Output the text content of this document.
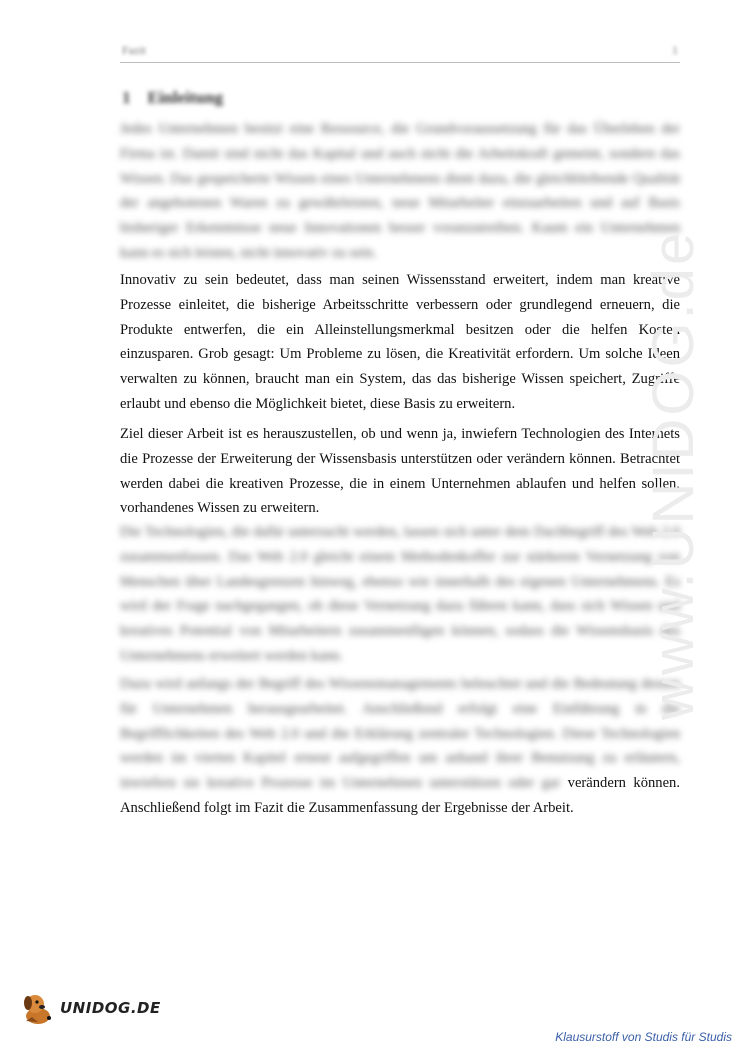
Fazit	1
1 Einleitung

Jedes Unternehmen besitzt eine Ressource, die Grundvoraussetzung für das Überleben der Firma ist. Damit sind nicht das Kapital und auch nicht die Arbeitskraft gemeint, sondern das Wissen. Das gespeicherte Wissen eines Unternehmens dient dazu, die gleichbleibende Qualität der angebotenen Waren zu gewährleisten, neue Mitarbeiter einzuarbeiten und auf Basis bisheriger Erkenntnisse neue Innovationen besser voranzutreiben. Kaum ein Unternehmen kann es sich leisten, nicht innovativ zu sein.

Innovativ zu sein bedeutet, dass man seinen Wissensstand erweitert, indem man kreative Prozesse einleitet, die bisherige Arbeitsschritte verbessern oder grundlegend erneuern, die Produkte entwerfen, die ein Alleinstellungsmerkmal besitzen oder die helfen Kosten einzusparen. Grob gesagt: Um Probleme zu lösen, die Kreativität erfordern. Um solche Ideen verwalten zu können, braucht man ein System, das das bisherige Wissen speichert, Zugriffe erlaubt und ebenso die Möglichkeit bietet, diese Basis zu erweitern.

Ziel dieser Arbeit ist es herauszustellen, ob und wenn ja, inwiefern Technologien des Internets die Prozesse der Erweiterung der Wissensbasis unterstützen oder verändern können. Betrachtet werden dabei die kreativen Prozesse, die in einem Unternehmen ablaufen und helfen sollen, vorhandenes Wissen zu erweitern.

Die Technologien, die dafür untersucht werden, lassen sich unter dem Dachbegriff des Web 2.0 zusammenfassen. Das Web 2.0 gleicht einem Methodenkoffer zur stärkeren Vernetzung von Menschen über Landesgrenzen hinweg, ebenso wie innerhalb des eigenen Unternehmens. Es wird der Frage nachgegangen, ob diese Vernetzung dazu führen kann, dass sich Wissen und kreatives Potential von Mitarbeitern zusammenfügen können, sodass die Wissensbasis des Unternehmens erweitert werden kann.

Dazu wird anfangs der Begriff des Wissensmanagements beleuchtet und die Bedeutung dessen für Unternehmen herausgearbeitet. Anschließend erfolgt eine Einführung in die Begrifflichkeiten des Web 2.0 und die Erklärung zentraler Technologien. Diese Technologien werden im vierten Kapitel erneut aufgegriffen um anhand ihrer Benutzung zu erläutern, inwiefern sie kreative Prozesse im Unternehmen unterstützen oder gar verändern können. Anschließend folgt im Fazit die Zusammenfassung der Ergebnisse der Arbeit.
www.UNIDOG.de
UNIDOG.DE
Klausurstoff von Studis für Studis
